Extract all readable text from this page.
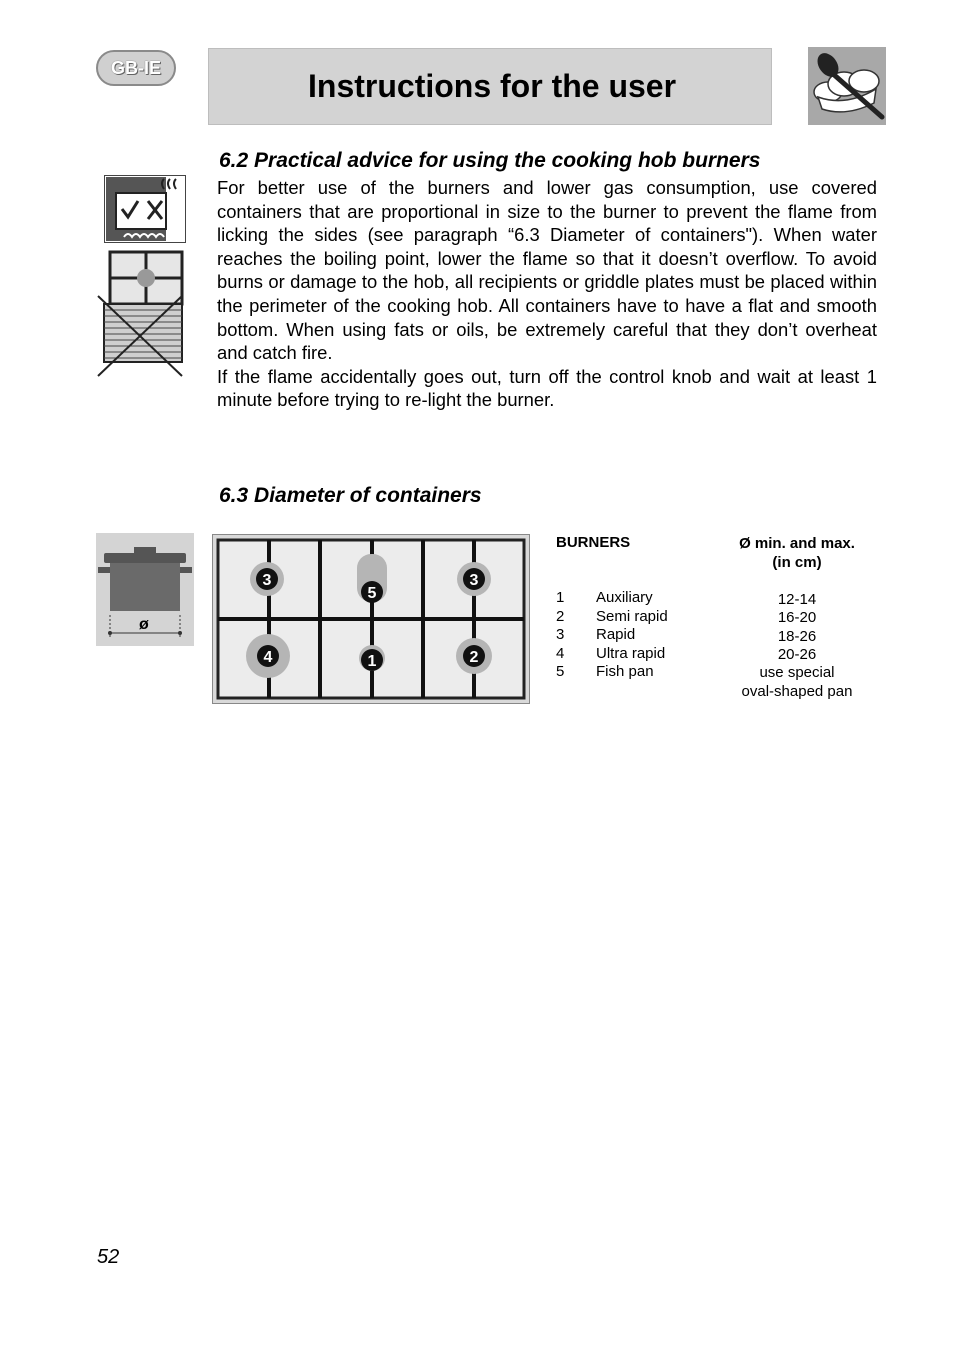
GB-IE
Instructions for the user
6.2 Practical advice for using the cooking hob burners

For better use of the burners and lower gas consumption, use covered containers that are proportional in size to the burner to prevent the flame from licking the sides (see paragraph “6.3 Diameter of containers"). When water reaches the boiling point, lower the flame so that it doesn’t overflow. To avoid burns or damage to the hob, all recipients or griddle plates must be placed within the perimeter of the cooking hob. All containers have to have a flat and smooth bottom. When using fats or oils, be extremely careful that they don’t overheat and catch fire.

If the flame accidentally goes out, turn off the control knob and wait at least 1 minute before trying to re-light the burner.

6.3 Diameter of containers
ø
3
5
3
4	1	2
BURNERS	Ø min. and max.
(in cm)
1	Auxiliary	12-14
2	Semi rapid	16-20
3	Rapid	18-26
4	Ultra rapid	20-26
5	Fish pan	use special
oval-shaped pan
52
